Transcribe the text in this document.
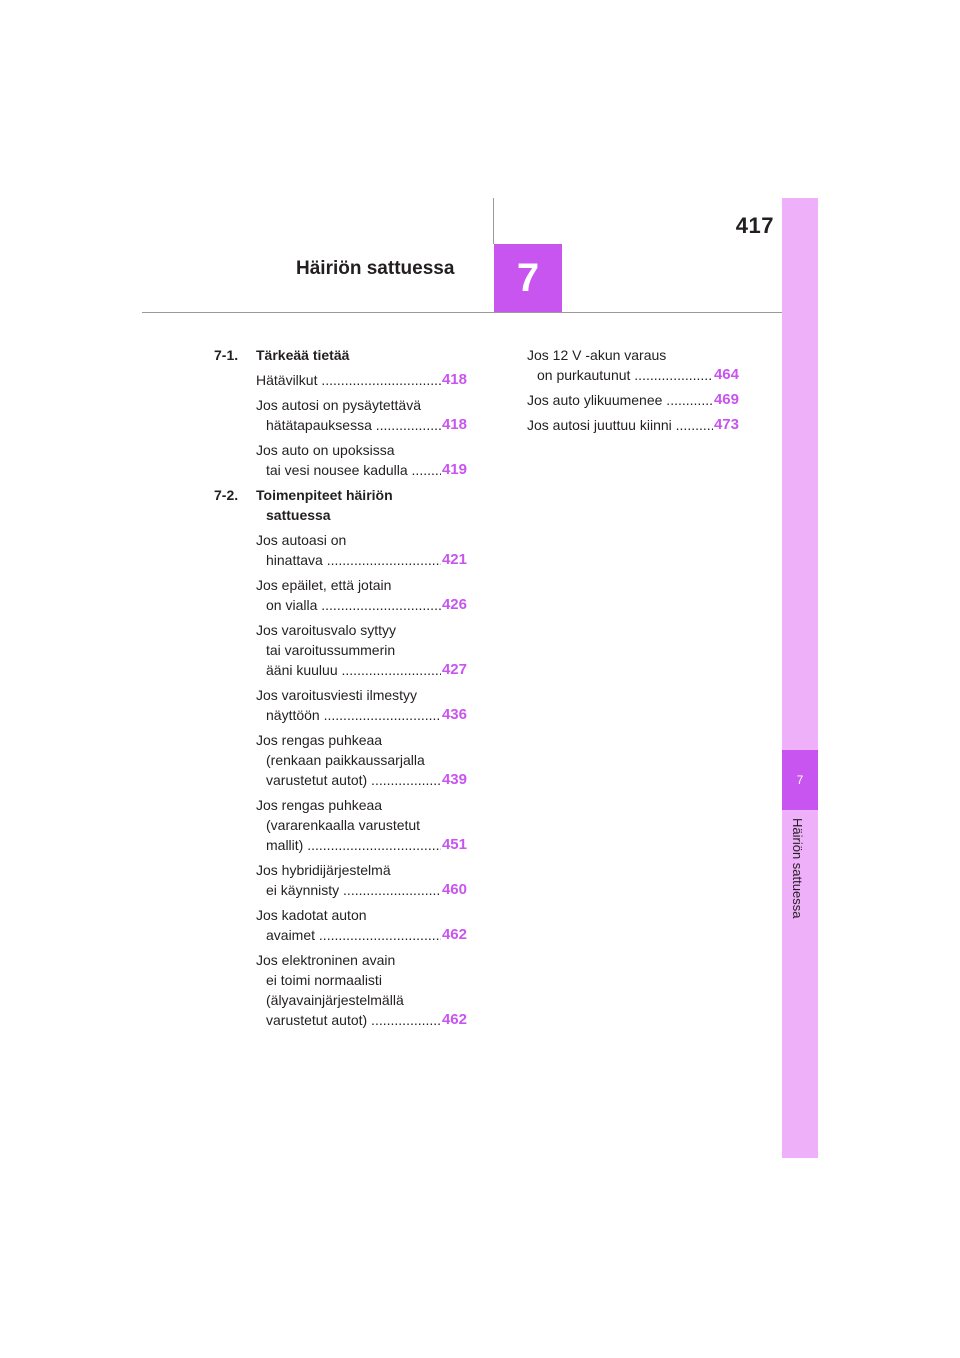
417
Häiriön sattuessa	7
7
Häiriön sattuessa
7-1.	Tärkeää tietää
Hätävilkut .....	418
Jos autosi on pysäytettävä
hätätapauksessa .....	418
Jos auto on upoksissa
tai vesi nousee kadulla .....	419
7-2.	Toimenpiteet häiriön
sattuessa
Jos autoasi on
hinattava .....	421
Jos epäilet, että jotain
on vialla .....	426
Jos varoitusvalo syttyy
tai varoitussummerin
ääni kuuluu .....	427
Jos varoitusviesti ilmestyy
näyttöön .....	436
Jos rengas puhkeaa
(renkaan paikkaussarjalla
varustetut autot) .....	439
Jos rengas puhkeaa
(vararenkaalla varustetut
mallit) .....	451
Jos hybridijärjestelmä
ei käynnisty .....	460
Jos kadotat auton
avaimet .....	462
Jos elektroninen avain
ei toimi normaalisti
(älyavainjärjestelmällä
varustetut autot) .....	462
Jos 12 V -akun varaus
on purkautunut .....	464
Jos auto ylikuumenee .....	469
Jos autosi juuttuu kiinni .....	473
